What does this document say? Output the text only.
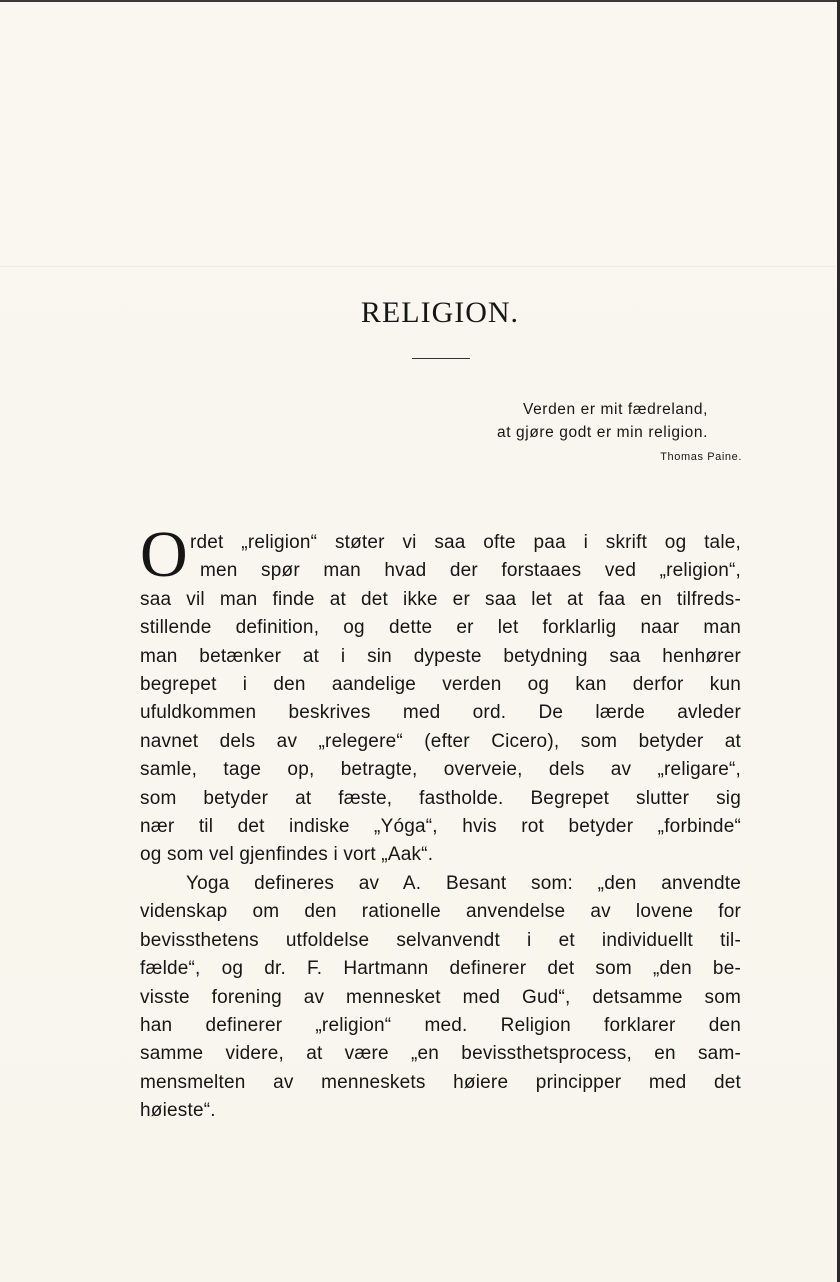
RELIGION.
Verden er mit fædreland,
at gjøre godt er min religion.
Thomas Paine.
O rdet „religion“ støter vi saa ofte paa i skrift og tale,
men spør man hvad der forstaaes ved „religion“,
saa vil man finde at det ikke er saa let at faa en tilfreds-
stillende definition, og dette er let forklarlig naar man
man betænker at i sin dypeste betydning saa henhører
begrepet i den aandelige verden og kan derfor kun
ufuldkommen beskrives med ord. De lærde avleder
navnet dels av „relegere“ (efter Cicero), som betyder at
samle, tage op, betragte, overveie, dels av „religare“,
som betyder at fæste, fastholde. Begrepet slutter sig
nær til det indiske „Yóga“, hvis rot betyder „forbinde“
og som vel gjenfindes i vort „Aak“.
Yoga defineres av A. Besant som: „den anvendte
videnskap om den rationelle anvendelse av lovene for
bevissthetens utfoldelse selvanvendt i et individuellt til-
fælde“, og dr. F. Hartmann definerer det som „den be-
visste forening av mennesket med Gud“, detsamme som
han definerer „religion“ med. Religion forklarer den
samme videre, at være „en bevissthetsprocess, en sam-
mensmelten av menneskets høiere principper med det
høieste“.
